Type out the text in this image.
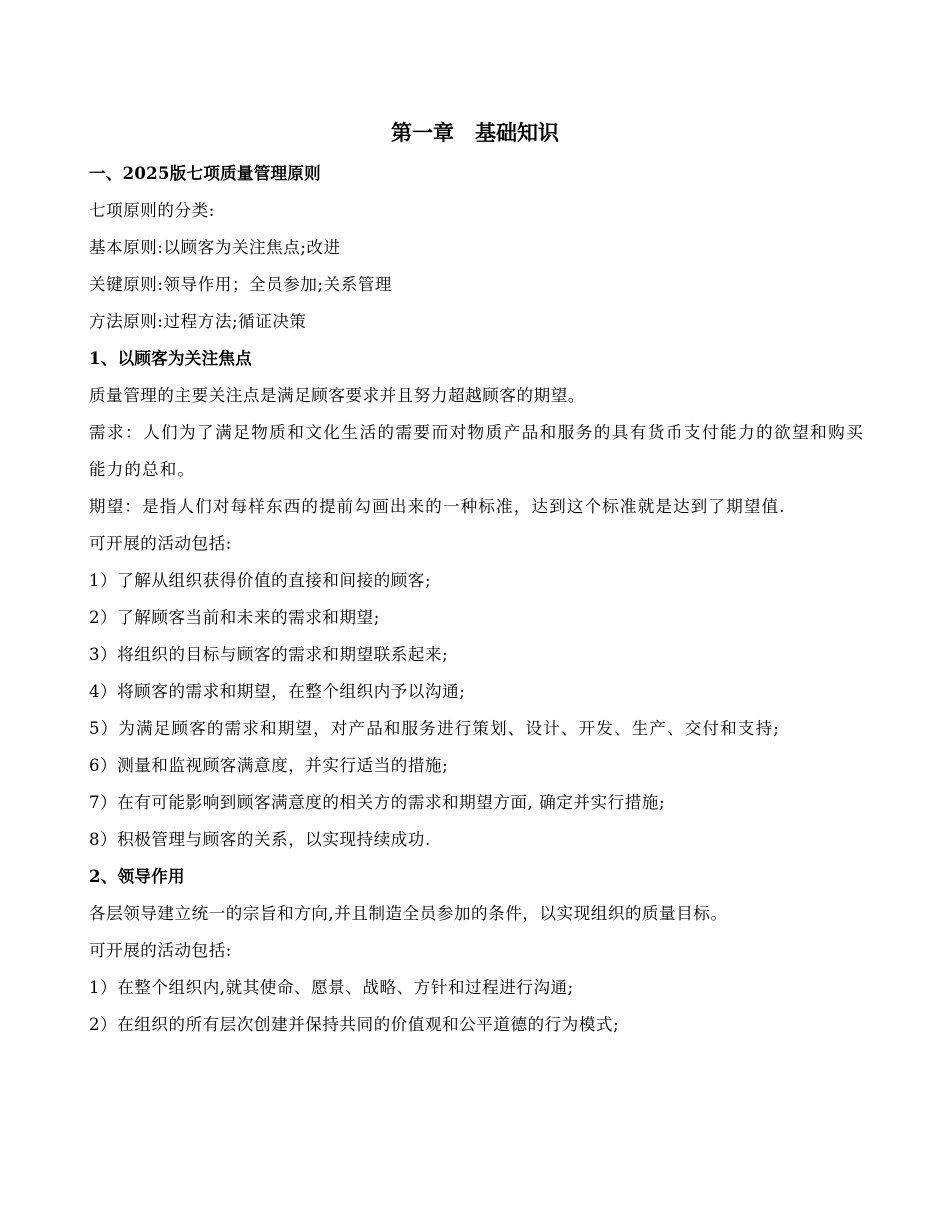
第一章　基础知识
一、2025版七项质量管理原则
七项原则的分类:
基本原则:以顾客为关注焦点;改进
关键原则:领导作用；全员参加;关系管理
方法原则:过程方法;循证决策
1、以顾客为关注焦点
质量管理的主要关注点是满足顾客要求并且努力超越顾客的期望。
需求：人们为了满足物质和文化生活的需要而对物质产品和服务的具有货币支付能力的欲望和购买能力的总和。
期望：是指人们对每样东西的提前勾画出来的一种标准，达到这个标准就是达到了期望值.
可开展的活动包括:
1）了解从组织获得价值的直接和间接的顾客;
2）了解顾客当前和未来的需求和期望;
3）将组织的目标与顾客的需求和期望联系起来;
4）将顾客的需求和期望，在整个组织内予以沟通;
5）为满足顾客的需求和期望，对产品和服务进行策划、设计、开发、生产、交付和支持;
6）测量和监视顾客满意度，并实行适当的措施;
7）在有可能影响到顾客满意度的相关方的需求和期望方面, 确定并实行措施;
8）积极管理与顾客的关系，以实现持续成功.
2、领导作用
各层领导建立统一的宗旨和方向,并且制造全员参加的条件，以实现组织的质量目标。
可开展的活动包括:
1）在整个组织内,就其使命、愿景、战略、方针和过程进行沟通;
2）在组织的所有层次创建并保持共同的价值观和公平道德的行为模式;
